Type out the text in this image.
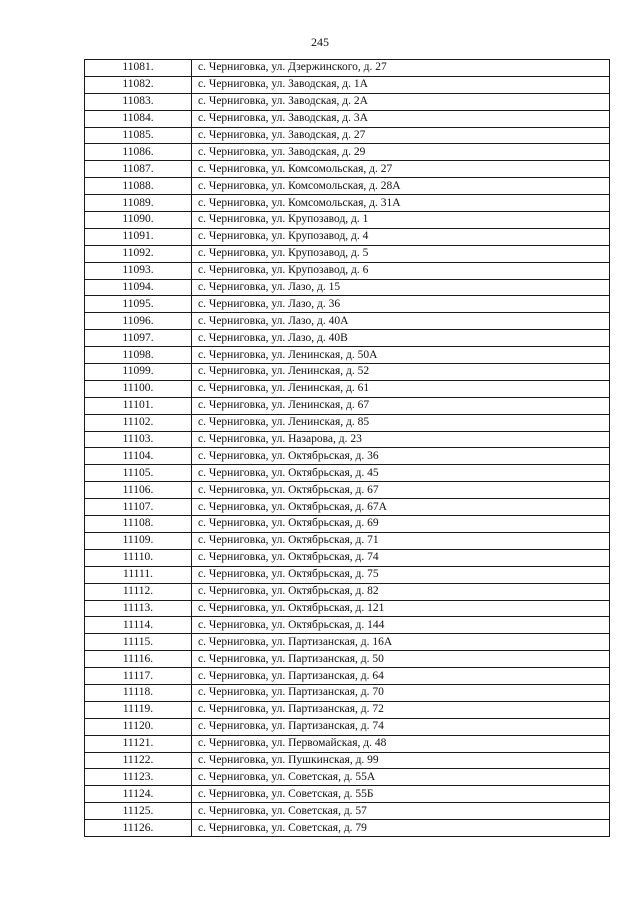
245
11081.	с. Черниговка, ул. Дзержинского, д. 27
11082.	с. Черниговка, ул. Заводская, д. 1А
11083.	с. Черниговка, ул. Заводская, д. 2А
11084.	с. Черниговка, ул. Заводская, д. 3А
11085.	с. Черниговка, ул. Заводская, д. 27
11086.	с. Черниговка, ул. Заводская, д. 29
11087.	с. Черниговка, ул. Комсомольская, д. 27
11088.	с. Черниговка, ул. Комсомольская, д. 28А
11089.	с. Черниговка, ул. Комсомольская, д. 31А
11090.	с. Черниговка, ул. Крупозавод, д. 1
11091.	с. Черниговка, ул. Крупозавод, д. 4
11092.	с. Черниговка, ул. Крупозавод, д. 5
11093.	с. Черниговка, ул. Крупозавод, д. 6
11094.	с. Черниговка, ул. Лазо, д. 15
11095.	с. Черниговка, ул. Лазо, д. 36
11096.	с. Черниговка, ул. Лазо, д. 40А
11097.	с. Черниговка, ул. Лазо, д. 40В
11098.	с. Черниговка, ул. Ленинская, д. 50А
11099.	с. Черниговка, ул. Ленинская, д. 52
11100.	с. Черниговка, ул. Ленинская, д. 61
11101.	с. Черниговка, ул. Ленинская, д. 67
11102.	с. Черниговка, ул. Ленинская, д. 85
11103.	с. Черниговка, ул. Назарова, д. 23
11104.	с. Черниговка, ул. Октябрьская, д. 36
11105.	с. Черниговка, ул. Октябрьская, д. 45
11106.	с. Черниговка, ул. Октябрьская, д. 67
11107.	с. Черниговка, ул. Октябрьская, д. 67А
11108.	с. Черниговка, ул. Октябрьская, д. 69
11109.	с. Черниговка, ул. Октябрьская, д. 71
11110.	с. Черниговка, ул. Октябрьская, д. 74
11111.	с. Черниговка, ул. Октябрьская, д. 75
11112.	с. Черниговка, ул. Октябрьская, д. 82
11113.	с. Черниговка, ул. Октябрьская, д. 121
11114.	с. Черниговка, ул. Октябрьская, д. 144
11115.	с. Черниговка, ул. Партизанская, д. 16А
11116.	с. Черниговка, ул. Партизанская, д. 50
11117.	с. Черниговка, ул. Партизанская, д. 64
11118.	с. Черниговка, ул. Партизанская, д. 70
11119.	с. Черниговка, ул. Партизанская, д. 72
11120.	с. Черниговка, ул. Партизанская, д. 74
11121.	с. Черниговка, ул. Первомайская, д. 48
11122.	с. Черниговка, ул. Пушкинская, д. 99
11123.	с. Черниговка, ул. Советская, д. 55А
11124.	с. Черниговка, ул. Советская, д. 55Б
11125.	с. Черниговка, ул. Советская, д. 57
11126.	с. Черниговка, ул. Советская, д. 79
